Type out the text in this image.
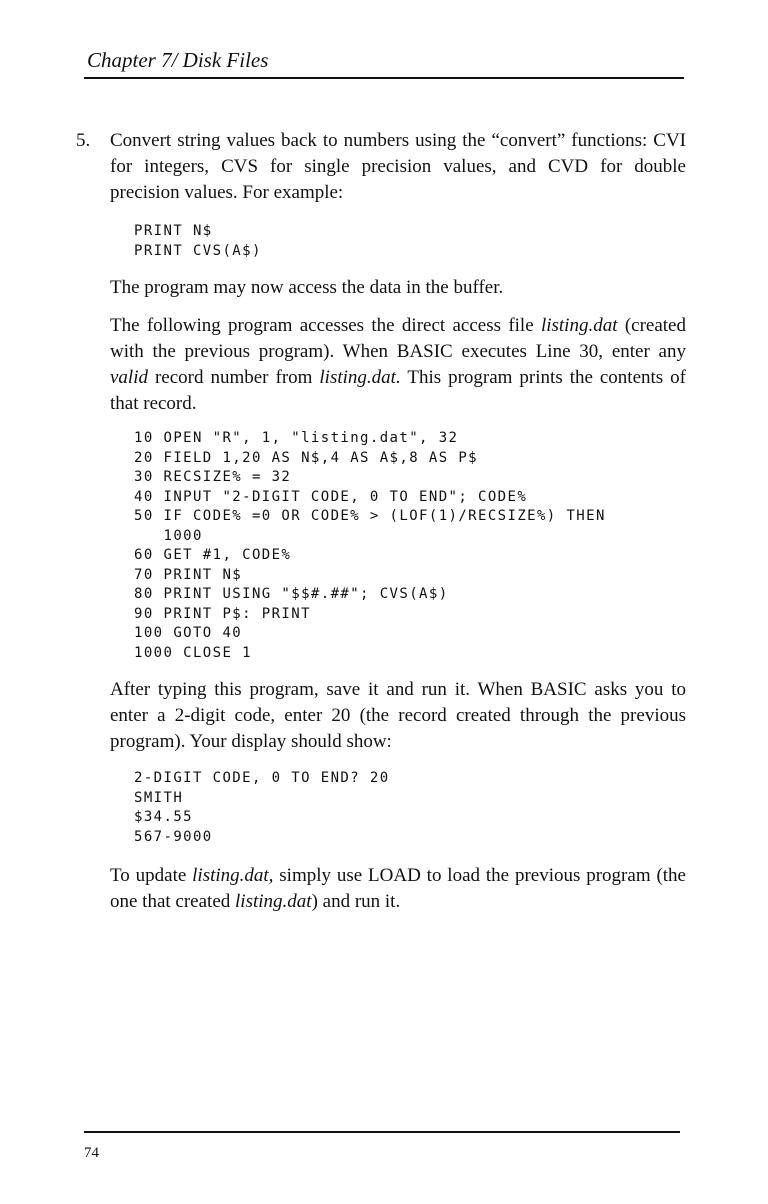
Chapter 7/ Disk Files
5. Convert string values back to numbers using the “convert” functions: CVI for integers, CVS for single precision values, and CVD for double precision values. For example:
PRINT N$
PRINT CVS(A$)

The program may now access the data in the buffer.

The following program accesses the direct access file listing.dat (created with the previous program). When BASIC executes Line 30, enter any valid record number from listing.dat. This program prints the contents of that record.

10 OPEN "R", 1, "listing.dat", 32
20 FIELD 1,20 AS N$,4 AS A$,8 AS P$
30 RECSIZE% = 32
40 INPUT "2-DIGIT CODE, 0 TO END"; CODE%
50 IF CODE% =0 OR CODE% > (LOF(1)/RECSIZE%) THEN
1000
60 GET #1, CODE%
70 PRINT N$
80 PRINT USING "$$#.##"; CVS(A$)
90 PRINT P$: PRINT
100 GOTO 40
1000 CLOSE 1

After typing this program, save it and run it. When BASIC asks you to enter a 2-digit code, enter 20 (the record created through the previous program). Your display should show:

2-DIGIT CODE, 0 TO END? 20
SMITH
$34.55
567-9000

To update listing.dat, simply use LOAD to load the previous program (the one that created listing.dat) and run it.

74
